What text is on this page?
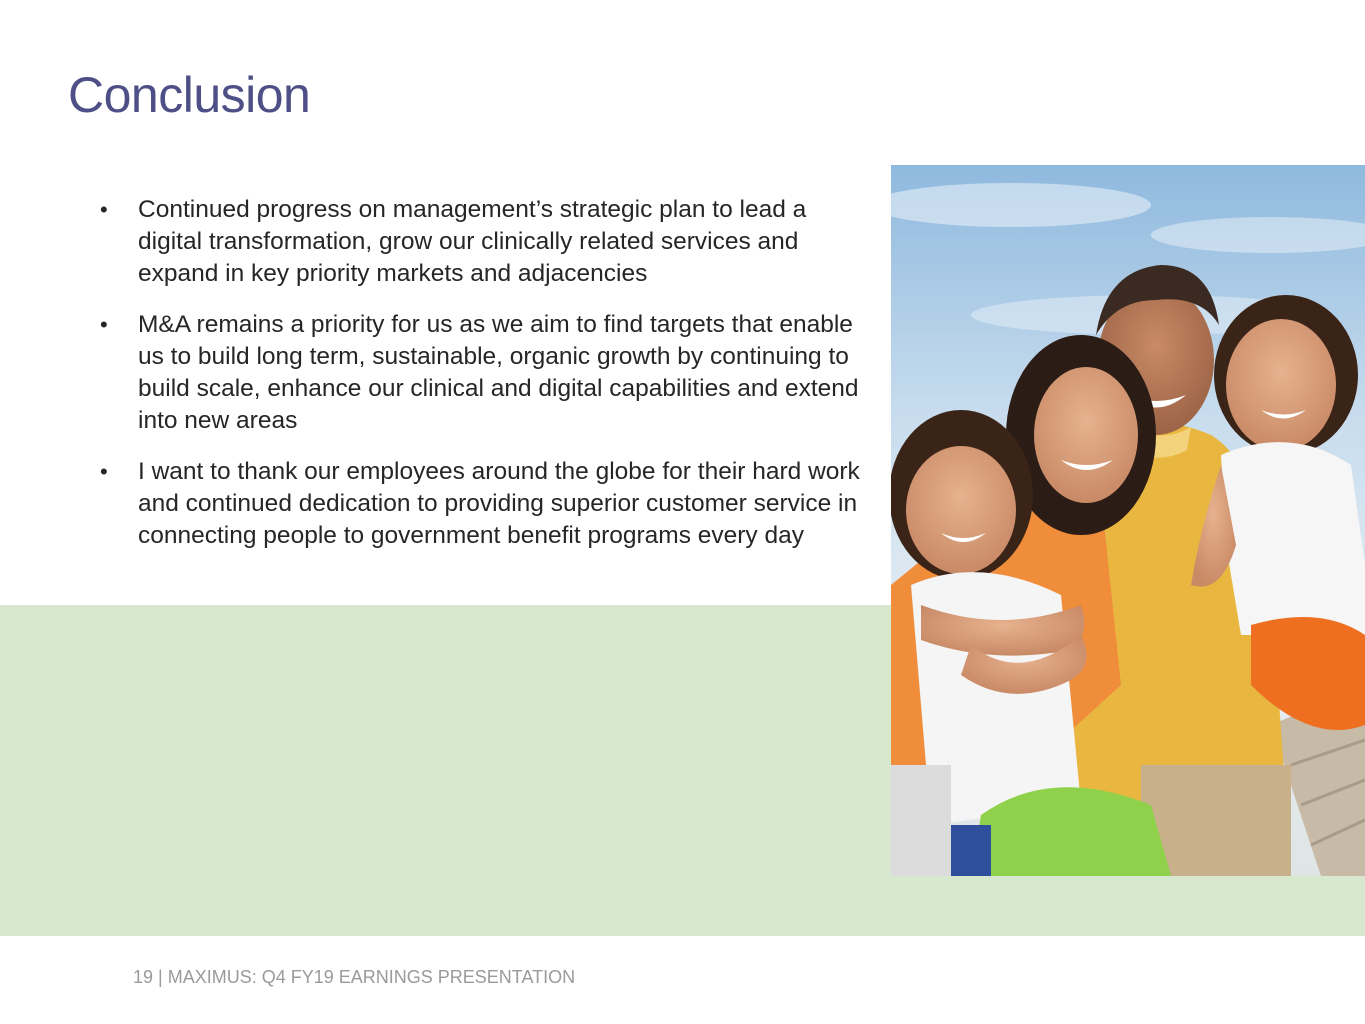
Conclusion
• Continued progress on management’s strategic plan to lead a digital transformation, grow our clinically related services and expand in key priority markets and adjacencies
• M&A remains a priority for us as we aim to find targets that enable us to build long term, sustainable, organic growth by continuing to build scale, enhance our clinical and digital capabilities and extend into new areas
• I want to thank our employees around the globe for their hard work and continued dedication to providing superior customer service in connecting people to government benefit programs every day
19 | MAXIMUS: Q4 FY19 EARNINGS PRESENTATION
